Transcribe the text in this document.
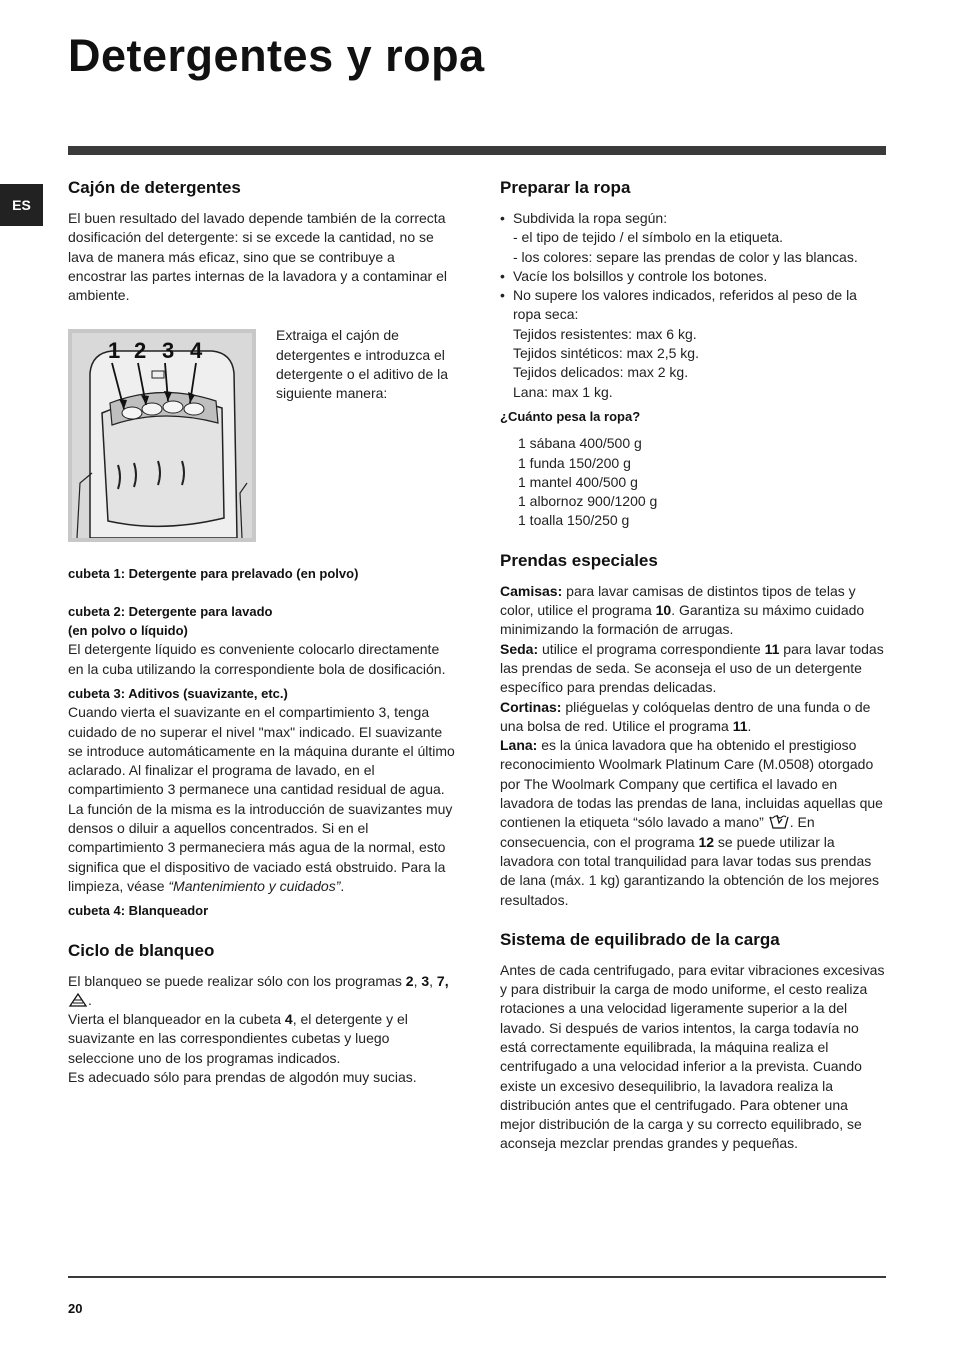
Detergentes y ropa
ES
Cajón de detergentes

El buen resultado del lavado depende también de la correcta dosificación del detergente: si se excede la cantidad, no se lava de manera más eficaz, sino que se contribuye a encostrar las partes internas de la lavadora y a contaminar el ambiente.

1 2 3 4

Extraiga el cajón de detergentes e introduzca el detergente o el aditivo de la siguiente manera:

cubeta 1: Detergente para prelavado (en polvo)

cubeta 2: Detergente para lavado

(en polvo o líquido)

El detergente líquido es conveniente colocarlo directamente en la cuba utilizando la correspondiente bola de dosificación.

cubeta 3: Aditivos (suavizante, etc.)

Cuando vierta el suavizante en el compartimiento 3, tenga cuidado de no superar el nivel "max" indicado. El suavizante se introduce automáticamente en la máquina durante el último aclarado. Al finalizar el programa de lavado, en el compartimiento 3 permanece una cantidad residual de agua. La función de la misma es la introducción de suavizantes muy densos o diluir a aquellos concentrados. Si en el compartimiento 3 permaneciera más agua de la normal, esto significa que el dispositivo de vaciado está obstruido. Para la limpieza, véase “Mantenimiento y cuidados”.

cubeta 4: Blanqueador

Ciclo de blanqueo

El blanqueo se puede realizar sólo con los programas 2, 3, 7, .

Vierta el blanqueador en la cubeta 4, el detergente y el suavizante en las correspondientes cubetas y luego seleccione uno de los programas indicados.

Es adecuado sólo para prendas de algodón muy sucias.

Preparar la ropa
• Subdivida la ropa según:
- el tipo de tejido / el símbolo en la etiqueta.
- los colores: separe las prendas de color y las blancas.
• Vacíe los bolsillos y controle los botones.
• No supere los valores indicados, referidos al peso de la ropa seca:
Tejidos resistentes: max 6 kg.
Tejidos sintéticos: max 2,5 kg.
Tejidos delicados: max 2 kg.
Lana: max 1 kg.

¿Cuánto pesa la ropa?

1 sábana 400/500 g

1 funda 150/200 g

1 mantel 400/500 g

1 albornoz 900/1200 g

1 toalla 150/250 g

Prendas especiales

Camisas: para lavar camisas de distintos tipos de telas y color, utilice el programa 10. Garantiza su máximo cuidado minimizando la formación de arrugas.

Seda: utilice el programa correspondiente 11 para lavar todas las prendas de seda. Se aconseja el uso de un detergente específico para prendas delicadas.

Cortinas: pliéguelas y colóquelas dentro de una funda o de una bolsa de red. Utilice el programa 11.

Lana: es la única lavadora que ha obtenido el prestigioso reconocimiento Woolmark Platinum Care (M.0508) otorgado por The Woolmark Company que certifica el lavado en lavadora de todas las prendas de lana, incluidas aquellas que contienen la etiqueta “sólo lavado a mano” . En consecuencia, con el programa 12 se puede utilizar la lavadora con total tranquilidad para lavar todas sus prendas de lana (máx. 1 kg) garantizando la obtención de los mejores resultados.

Sistema de equilibrado de la carga

Antes de cada centrifugado, para evitar vibraciones excesivas y para distribuir la carga de modo uniforme, el cesto realiza rotaciones a una velocidad ligeramente superior a la del lavado. Si después de varios intentos, la carga todavía no está correctamente equilibrada, la máquina realiza el centrifugado a una velocidad inferior a la prevista. Cuando existe un excesivo desequilibrio, la lavadora realiza la distribución antes que el centrifugado. Para obtener una mejor distribución de la carga y su correcto equilibrado, se aconseja mezclar prendas grandes y pequeñas.

20
